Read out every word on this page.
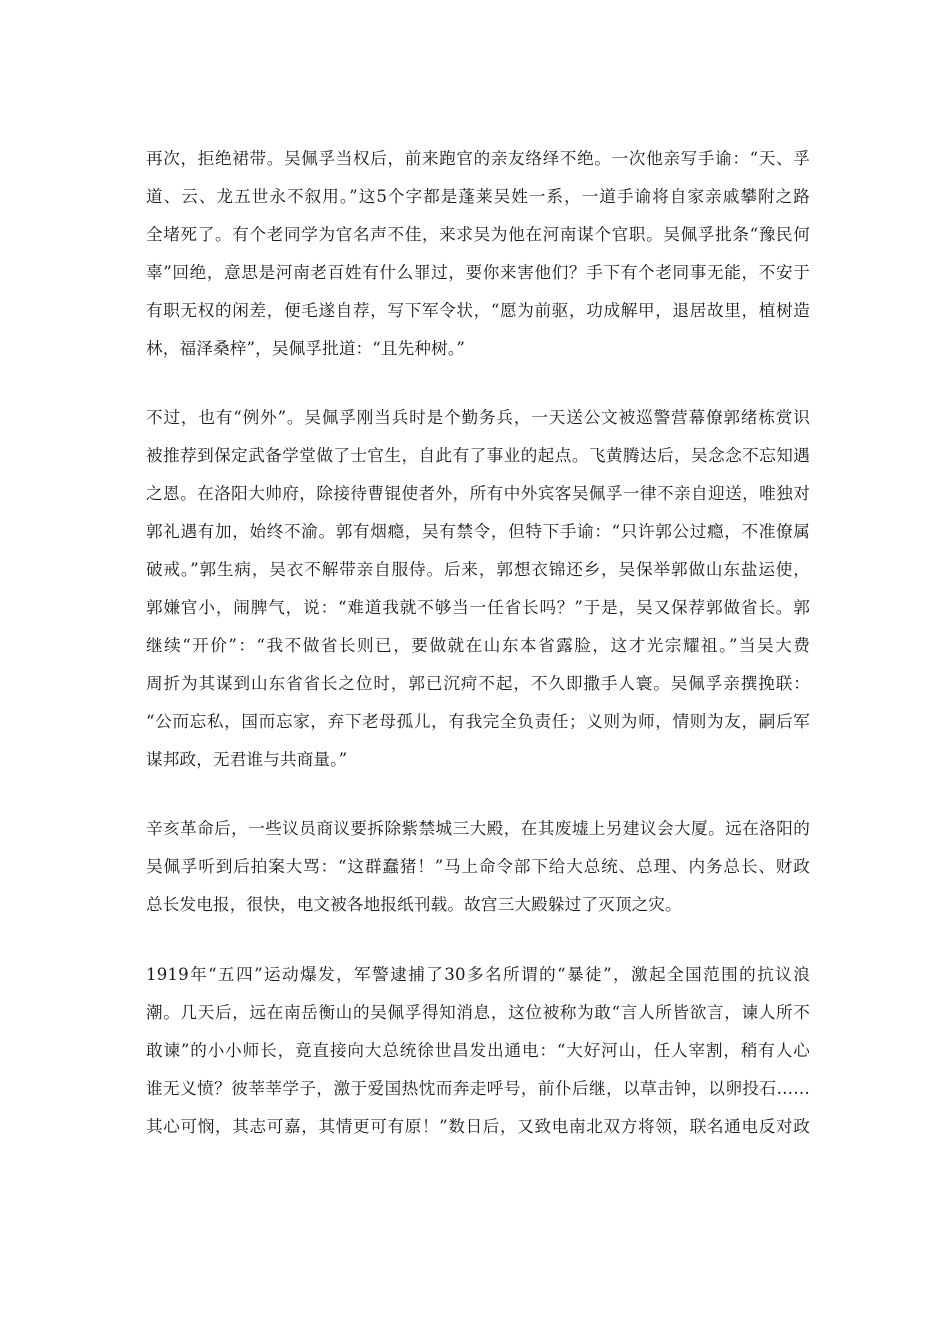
再次，拒绝裙带。吴佩孚当权后，前来跑官的亲友络绎不绝。一次他亲写手谕：“天、孚
道、云、龙五世永不叙用。”这5个字都是蓬莱吴姓一系，一道手谕将自家亲戚攀附之路
全堵死了。有个老同学为官名声不佳，来求吴为他在河南谋个官职。吴佩孚批条“豫民何
辜”回绝，意思是河南老百姓有什么罪过，要你来害他们？手下有个老同事无能，不安于
有职无权的闲差，便毛遂自荐，写下军令状，“愿为前驱，功成解甲，退居故里，植树造
林，福泽桑梓”，吴佩孚批道：“且先种树。”
不过，也有“例外”。吴佩孚刚当兵时是个勤务兵，一天送公文被巡警营幕僚郭绪栋赏识
被推荐到保定武备学堂做了士官生，自此有了事业的起点。飞黄腾达后，吴念念不忘知遇
之恩。在洛阳大帅府，除接待曹锟使者外，所有中外宾客吴佩孚一律不亲自迎送，唯独对
郭礼遇有加，始终不渝。郭有烟瘾，吴有禁令，但特下手谕：“只许郭公过瘾，不准僚属
破戒。”郭生病，吴衣不解带亲自服侍。后来，郭想衣锦还乡，吴保举郭做山东盐运使，
郭嫌官小，闹脾气，说：“难道我就不够当一任省长吗？”于是，吴又保荐郭做省长。郭
继续“开价”：“我不做省长则已，要做就在山东本省露脸，这才光宗耀祖。”当吴大费
周折为其谋到山东省省长之位时，郭已沉疴不起，不久即撒手人寰。吴佩孚亲撰挽联：
“公而忘私，国而忘家，弃下老母孤儿，有我完全负责任；义则为师，情则为友，嗣后军
谋邦政，无君谁与共商量。”
辛亥革命后，一些议员商议要拆除紫禁城三大殿，在其废墟上另建议会大厦。远在洛阳的
吴佩孚听到后拍案大骂：“这群蠢猪！”马上命令部下给大总统、总理、内务总长、财政
总长发电报，很快，电文被各地报纸刊载。故宫三大殿躲过了灭顶之灾。
1919年“五四”运动爆发，军警逮捕了30多名所谓的“暴徒”，激起全国范围的抗议浪
潮。几天后，远在南岳衡山的吴佩孚得知消息，这位被称为敢“言人所皆欲言，谏人所不
敢谏”的小小师长，竟直接向大总统徐世昌发出通电：“大好河山，任人宰割，稍有人心
谁无义愤？彼莘莘学子，激于爱国热忱而奔走呼号，前仆后继，以草击钟，以卵投石……
其心可悯，其志可嘉，其情更可有原！”数日后，又致电南北双方将领，联名通电反对政
